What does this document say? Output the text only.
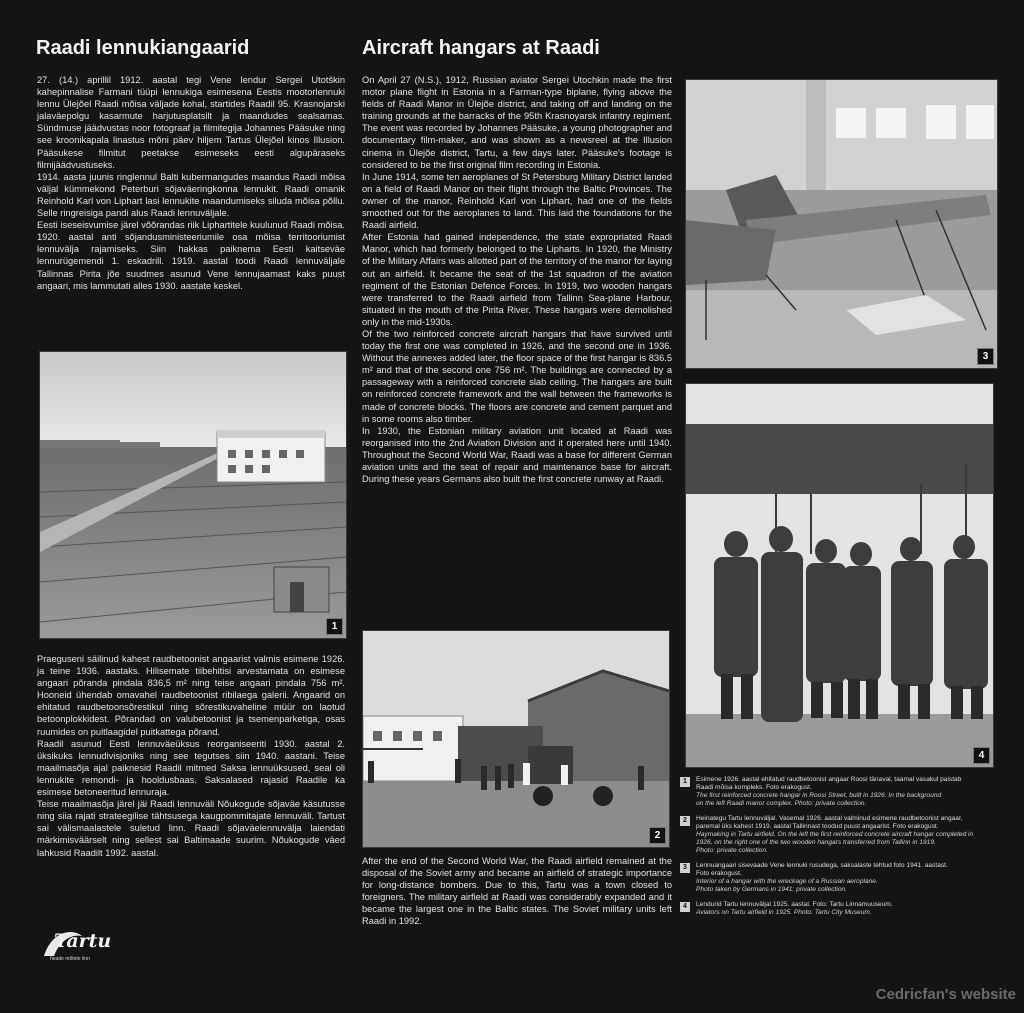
Raadi lennukiangaarid	Aircraft hangars at Raadi

27. (14.) aprillil 1912. aastal tegi Vene lendur Sergei Utotškin kahepinnalise Farmani tüüpi lennukiga esimesena Eestis mootorlennuki lennu Ülejõel Raadi mõisa väljade kohal, startides Raadil 95. Krasnojarski jalaväepolgu kasarmute harjutusplatsilt ja maandudes sealsamas. Sündmuse jäädvustas noor fotograaf ja filmitegija Johannes Pääsuke ning see kroonikapala linastus mõni päev hiljem Tartus Ülejõel kinos Illusion. Pääsukese filmitut peetakse esimeseks eesti algupäraseks filmijäädvustuseks.
1914. aasta juunis ringlennul Balti kubermangudes maandus Raadi mõisa väljal kümmekond Peterburi sõjaväeringkonna lennukit. Raadi omanik Reinhold Karl von Liphart lasi lennukite maandumiseks siluda mõisa põllu. Selle ringreisiga pandi alus Raadi lennuväljale.
Eesti iseseisvumise järel võõrandas riik Liphartitele kuulunud Raadi mõisa. 1920. aastal anti sõjandusministeeriumile osa mõisa territooriumist lennuvälja rajamiseks. Siin hakkas paiknema Eesti kaitseväe lennurügemendi 1. eskadrill. 1919. aastal toodi Raadi lennuväljale Tallinnas Pirita jõe suudmes asunud Vene lennujaamast kaks puust angaari, mis lammutati alles 1930. aastate keskel.

1

Praeguseni säilinud kahest raudbetoonist angaarist valmis esimene 1926. ja teine 1936. aastaks. Hilisemate tiibehitisi arvestamata on esimese angaari põranda pindala 836,5 m² ning teise angaari pindala 756 m². Hooneid ühendab omavahel raudbetoonist ribilaega galerii. Angaarid on ehitatud raudbetoonsõrestikul ning sõrestikuvaheline müür on laotud betoonplokkidest. Põrandad on valubetoonist ja tsemenparketiga, osas ruumides on puitlaagidel puitkattega põrand.
Raadil asunud Eesti lennuväeüksus reorganiseeriti 1930. aastal 2. üksikuks lennudivisjoniks ning see tegutses siin 1940. aastani. Teise maailmasõja ajal paiknesid Raadil mitmed Saksa lennuüksused, seal oli lennukite remondi- ja hooldusbaas. Saksalased rajasid Raadile ka esimese betoneeritud lennuraja.
Teise maailmasõja järel jäi Raadi lennuväli Nõukogude sõjaväe käsutusse ning siia rajati strateegilise tähtsusega kaugpommitajate lennuväli. Tartust sai välismaalastele suletud linn. Raadi sõjaväelennuvälja laiendati märkimisväärselt ning sellest sai Baltimaade suurim. Nõukogude väed lahkusid Raadilt 1992. aastal.

On April 27 (N.S.), 1912, Russian aviator Sergei Utochkin made the first motor plane flight in Estonia in a Farman-type biplane, flying above the fields of Raadi Manor in Ülejõe district, and taking off and landing on the training grounds at the barracks of the 95th Krasnoyarsk infantry regiment. The event was recorded by Johannes Pääsuke, a young photographer and documentary film-maker, and was shown as a newsreel at the Illusion cinema in Ülejõe district, Tartu, a few days later. Pääsuke's footage is considered to be the first original film recording in Estonia.
In June 1914, some ten aeroplanes of St Petersburg Military District landed on a field of Raadi Manor on their flight through the Baltic Provinces. The owner of the manor, Reinhold Karl von Liphart, had one of the fields smoothed out for the aeroplanes to land. This laid the foundations for the Raadi airfield.
After Estonia had gained independence, the state expropriated Raadi Manor, which had formerly belonged to the Lipharts. In 1920, the Ministry of the Military Affairs was allotted part of the territory of the manor for laying out an airfield. It became the seat of the 1st squadron of the aviation regiment of the Estonian Defence Forces. In 1919, two wooden hangars were transferred to the Raadi airfield from Tallinn Sea-plane Harbour, situated in the mouth of the Pirita River. These hangars were demolished only in the mid-1930s.
Of the two reinforced concrete aircraft hangars that have survived until today the first one was completed in 1926, and the second one in 1936. Without the annexes added later, the floor space of the first hangar is 836.5 m² and that of the second one 756 m². The buildings are connected by a passageway with a reinforced concrete slab ceiling. The hangars are built on reinforced concrete framework and the wall between the frameworks is made of concrete blocks. The floors are concrete and cement parquet and in some rooms also timber.
In 1930, the Estonian military aviation unit located at Raadi was reorganised into the 2nd Aviation Division and it operated here until 1940. Throughout the Second World War, Raadi was a base for different German aviation units and the seat of repair and maintenance base for aircraft. During these years Germans also built the first concrete runway at Raadi.

2

After the end of the Second World War, the Raadi airfield remained at the disposal of the Soviet army and became an airfield of strategic importance for long-distance bombers. Due to this, Tartu was a town closed to foreigners. The military airfield at Raadi was considerably expanded and it became the largest one in the Baltic states. The Soviet military units left Raadi in 1992.

3
4
1	Esimene 1926. aastal ehitatud raudbetoonist angaar Roosi tänaval, taamal vasakul paistab
Raadi mõisa kompleks. Foto erakogust.
The first reinforced concrete hangar in Roosi Street, built in 1926. In the background
on the left Raadi manor complex. Photo: private collection.
2	Heinategu Tartu lennuväljal. Vasemal 1926. aastal valminud esimene raudbetoonist angaar,
paremal üks kahest 1919. aastal Tallinnast toodud puust angaarist. Foto erakogust.
Haymaking in Tartu airfield. On the left the first reinforced concrete aircraft hangar completed in 1926, on the right one of the two wooden hangars transferred from Tallinn in 1919.
Photo: private collection.
3	Lennuangaari sisevaade Vene lennuki rusudega, saksalaste tehtud foto 1941. aastast.
Foto erakogust.
Interior of a hangar with the wreckage of a Russian aeroplane.
Photo taken by Germans in 1941; private collection.
4	Lendurid Tartu lennuväljal 1925. aastal. Foto: Tartu Linnamuuseum.
Aviators on Tartu airfield in 1925. Photo: Tartu City Museum.
Tartu
heade mõtete linn
Cedricfan's website
